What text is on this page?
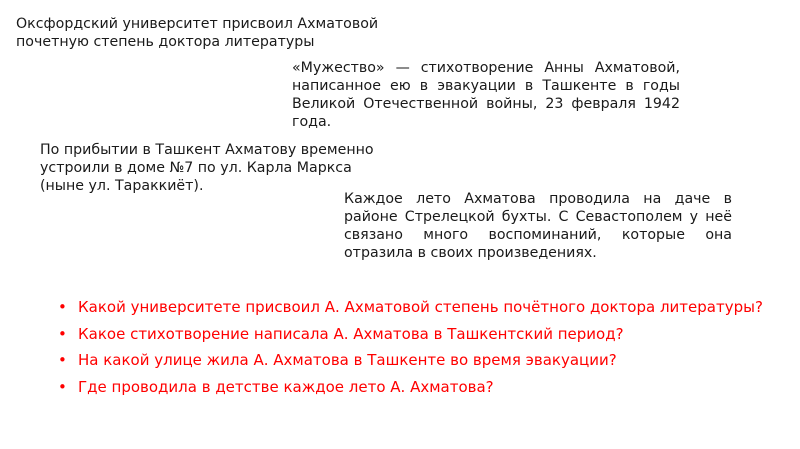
Оксфордский университет присвоил Ахматовой почетную степень доктора литературы
«Мужество» — стихотворение Анны Ахматовой, написанное ею в эвакуации в Ташкенте в годы Великой Отечественной войны, 23 февраля 1942 года.
По прибытии в Ташкент Ахматову временно устроили в доме №7 по ул. Карла Маркса (ныне ул. Тараккиёт).
Каждое лето Ахматова проводила на даче в районе Стрелецкой бухты. С Севастополем у неё связано много воспоминаний, которые она отразила в своих произведениях.
• Какой университете присвоил А. Ахматовой степень почётного доктора литературы?
• Какое стихотворение написала А. Ахматова в Ташкентский период?
• На какой улице жила А. Ахматова в Ташкенте во время эвакуации?
• Где проводила в детстве каждое лето А. Ахматова?
